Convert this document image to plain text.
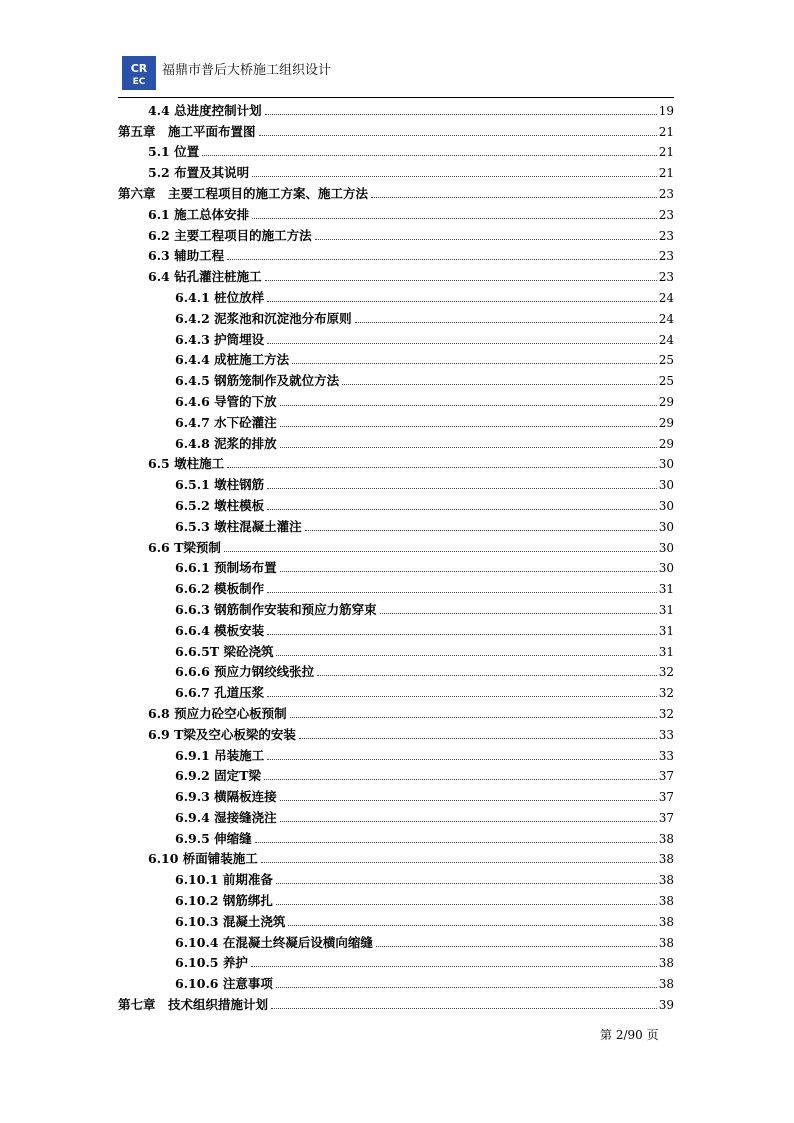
CR
EC
福鼎市普后大桥施工组织设计
4.4 总进度控制计划	19
第五章　施工平面布置图	21
5.1 位置	21
5.2 布置及其说明	21
第六章　主要工程项目的施工方案、施工方法	23
6.1 施工总体安排	23
6.2 主要工程项目的施工方法	23
6.3 辅助工程	23
6.4 钻孔灌注桩施工	23
6.4.1 桩位放样	24
6.4.2 泥浆池和沉淀池分布原则	24
6.4.3 护筒埋设	24
6.4.4 成桩施工方法	25
6.4.5 钢筋笼制作及就位方法	25
6.4.6 导管的下放	29
6.4.7 水下砼灌注	29
6.4.8 泥浆的排放	29
6.5 墩柱施工	30
6.5.1 墩柱钢筋	30
6.5.2 墩柱模板	30
6.5.3 墩柱混凝土灌注	30
6.6 T梁预制	30
6.6.1 预制场布置	30
6.6.2 模板制作	31
6.6.3 钢筋制作安装和预应力筋穿束	31
6.6.4 模板安装	31
6.6.5T 梁砼浇筑	31
6.6.6 预应力钢绞线张拉	32
6.6.7 孔道压浆	32
6.8 预应力砼空心板预制	32
6.9 T梁及空心板梁的安装	33
6.9.1 吊装施工	33
6.9.2 固定T梁	37
6.9.3 横隔板连接	37
6.9.4 湿接缝浇注	37
6.9.5 伸缩缝	38
6.10 桥面铺装施工	38
6.10.1 前期准备	38
6.10.2 钢筋绑扎	38
6.10.3 混凝土浇筑	38
6.10.4 在混凝土终凝后设横向缩缝	38
6.10.5 养护	38
6.10.6 注意事项	38
第七章　技术组织措施计划	39
第 2/90 页
